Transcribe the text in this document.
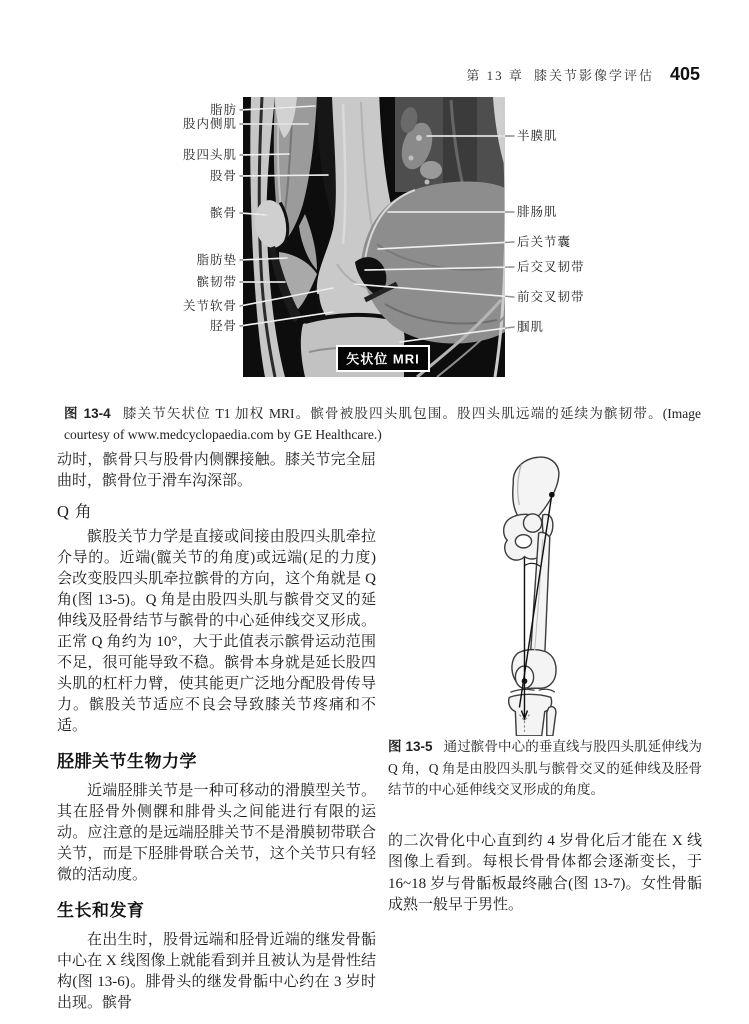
第 13 章 膝关节影像学评估 405
脂肪
股内侧肌
股四头肌
股骨
髌骨
脂肪垫
髌韧带
关节软骨
胫骨
半膜肌
腓肠肌
后关节囊
后交叉韧带
前交叉韧带
腘肌
矢状位 MRI

图 13-4 膝关节矢状位 T1 加权 MRI。髌骨被股四头肌包围。股四头肌远端的延续为髌韧带。(Image courtesy of www.medcyclopaedia.com by GE Healthcare.)

动时，髌骨只与股骨内侧髁接触。膝关节完全屈曲时，髌骨位于滑车沟深部。

Q 角

髌股关节力学是直接或间接由股四头肌牵拉介导的。近端(髋关节的角度)或远端(足的力度)会改变股四头肌牵拉髌骨的方向，这个角就是 Q 角(图 13-5)。Q 角是由股四头肌与髌骨交叉的延伸线及胫骨结节与髌骨的中心延伸线交叉形成。正常 Q 角约为 10°，大于此值表示髌骨运动范围不足，很可能导致不稳。髌骨本身就是延长股四头肌的杠杆力臂，使其能更广泛地分配股骨传导力。髌股关节适应不良会导致膝关节疼痛和不适。

胫腓关节生物力学

近端胫腓关节是一种可移动的滑膜型关节。其在胫骨外侧髁和腓骨头之间能进行有限的运动。应注意的是远端胫腓关节不是滑膜韧带联合关节，而是下胫腓骨联合关节，这个关节只有轻微的活动度。

生长和发育

在出生时，股骨远端和胫骨近端的继发骨骺中心在 X 线图像上就能看到并且被认为是骨性结构(图 13-6)。腓骨头的继发骨骺中心约在 3 岁时出现。髌骨

图 13-5 通过髌骨中心的垂直线与股四头肌延伸线为 Q 角，Q 角是由股四头肌与髌骨交叉的延伸线及胫骨结节的中心延伸线交叉形成的角度。

的二次骨化中心直到约 4 岁骨化后才能在 X 线图像上看到。每根长骨骨体都会逐渐变长，于 16~18 岁与骨骺板最终融合(图 13-7)。女性骨骺成熟一般早于男性。
